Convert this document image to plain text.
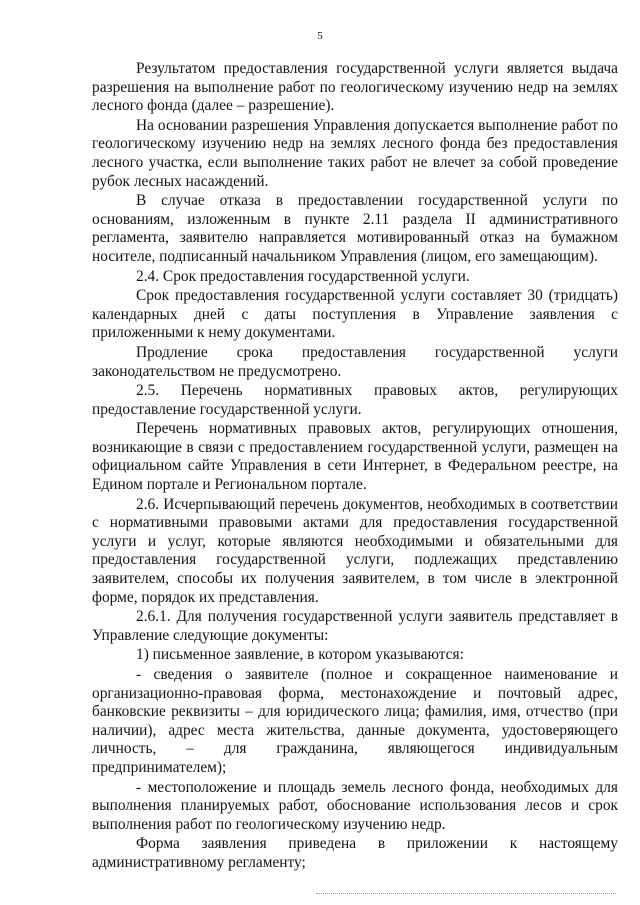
5

Результатом предоставления государственной услуги является выдача разрешения на выполнение работ по геологическому изучению недр на землях лесного фонда (далее – разрешение).

На основании разрешения Управления допускается выполнение работ по геологическому изучению недр на землях лесного фонда без предоставления лесного участка, если выполнение таких работ не влечет за собой проведение рубок лесных насаждений.

В случае отказа в предоставлении государственной услуги по основаниям, изложенным в пункте 2.11 раздела II административного регламента, заявителю направляется мотивированный отказ на бумажном носителе, подписанный начальником Управления (лицом, его замещающим).

2.4. Срок предоставления государственной услуги.

Срок предоставления государственной услуги составляет 30 (тридцать) календарных дней с даты поступления в Управление заявления с приложенными к нему документами.

Продление срока предоставления государственной услуги законодательством не предусмотрено.

2.5. Перечень нормативных правовых актов, регулирующих предоставление государственной услуги.

Перечень нормативных правовых актов, регулирующих отношения, возникающие в связи с предоставлением государственной услуги, размещен на официальном сайте Управления в сети Интернет, в Федеральном реестре, на Едином портале и Региональном портале.

2.6. Исчерпывающий перечень документов, необходимых в соответствии с нормативными правовыми актами для предоставления государственной услуги и услуг, которые являются необходимыми и обязательными для предоставления государственной услуги, подлежащих представлению заявителем, способы их получения заявителем, в том числе в электронной форме, порядок их представления.

2.6.1. Для получения государственной услуги заявитель представляет в Управление следующие документы:

1) письменное заявление, в котором указываются:

- сведения о заявителе (полное и сокращенное наименование и организационно-правовая форма, местонахождение и почтовый адрес, банковские реквизиты – для юридического лица; фамилия, имя, отчество (при наличии), адрес места жительства, данные документа, удостоверяющего личность, – для гражданина, являющегося индивидуальным предпринимателем);

- местоположение и площадь земель лесного фонда, необходимых для выполнения планируемых работ, обоснование использования лесов и срок выполнения работ по геологическому изучению недр.

Форма заявления приведена в приложении к настоящему административному регламенту;
